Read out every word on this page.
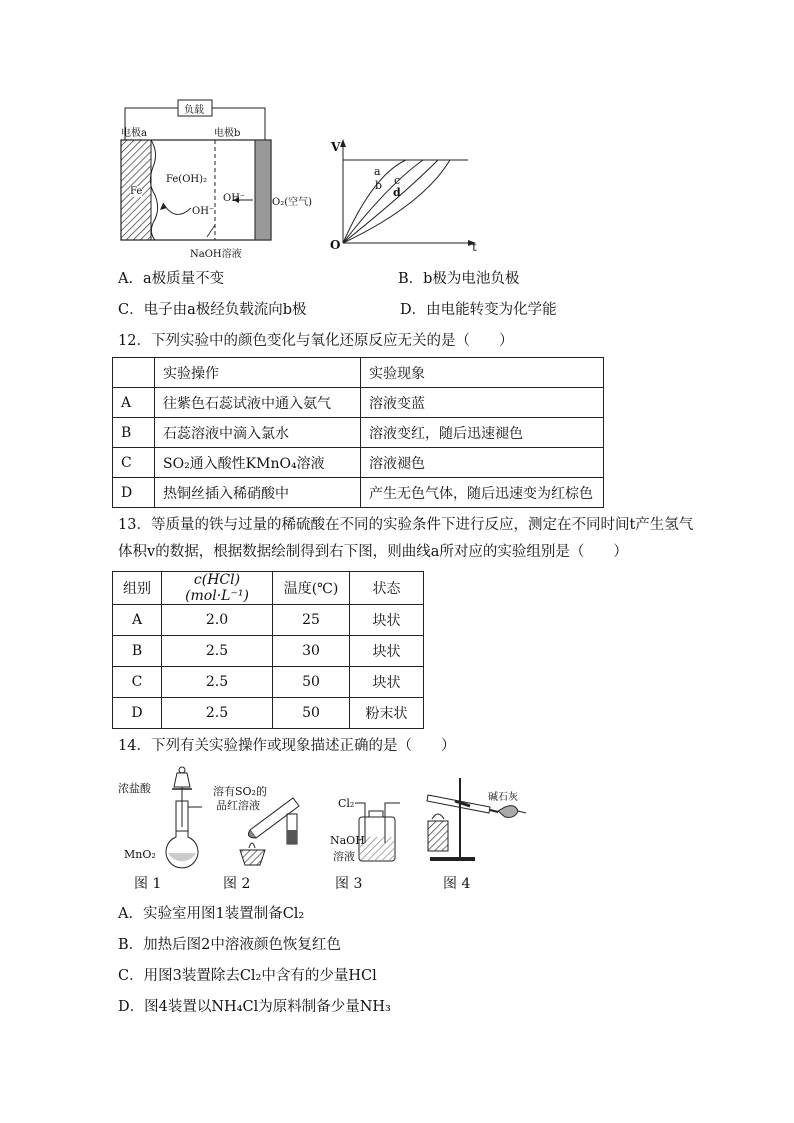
负载
电极a	电极b
Fe
Fe(OH)₂
OH⁻
OH⁻	O₂(空气)
NaOH溶液
V
t
O
a
b c
d
A．a极质量不变	B．b极为电池负极
C．电子由a极经负载流向b极	D．由电能转变为化学能
12．下列实验中的颜色变化与氧化还原反应无关的是（　　）
	实验操作	实验现象
A	往紫色石蕊试液中通入氨气	溶液变蓝
B	石蕊溶液中滴入氯水	溶液变红，随后迅速褪色
C	SO₂通入酸性KMnO₄溶液	溶液褪色
D	热铜丝插入稀硝酸中	产生无色气体，随后迅速变为红棕色
13．等质量的铁与过量的稀硫酸在不同的实验条件下进行反应，测定在不同时间t产生氢气
体积v的数据，根据数据绘制得到右下图，则曲线a所对应的实验组别是（　　）
组别	c(HCl)(mol·L⁻¹)	温度(℃)	状态
A	2.0	25	块状
B	2.5	30	块状
C	2.5	50	块状
D	2.5	50	粉末状
14．下列有关实验操作或现象描述正确的是（　　）
浓盐酸
MnO₂
图 1
溶有SO₂的
品红溶液
图 2
Cl₂
NaOH
溶液
图 3
碱石灰
图 4
A．实验室用图1装置制备Cl₂
B．加热后图2中溶液颜色恢复红色
C．用图3装置除去Cl₂中含有的少量HCl
D．图4装置以NH₄Cl为原料制备少量NH₃
